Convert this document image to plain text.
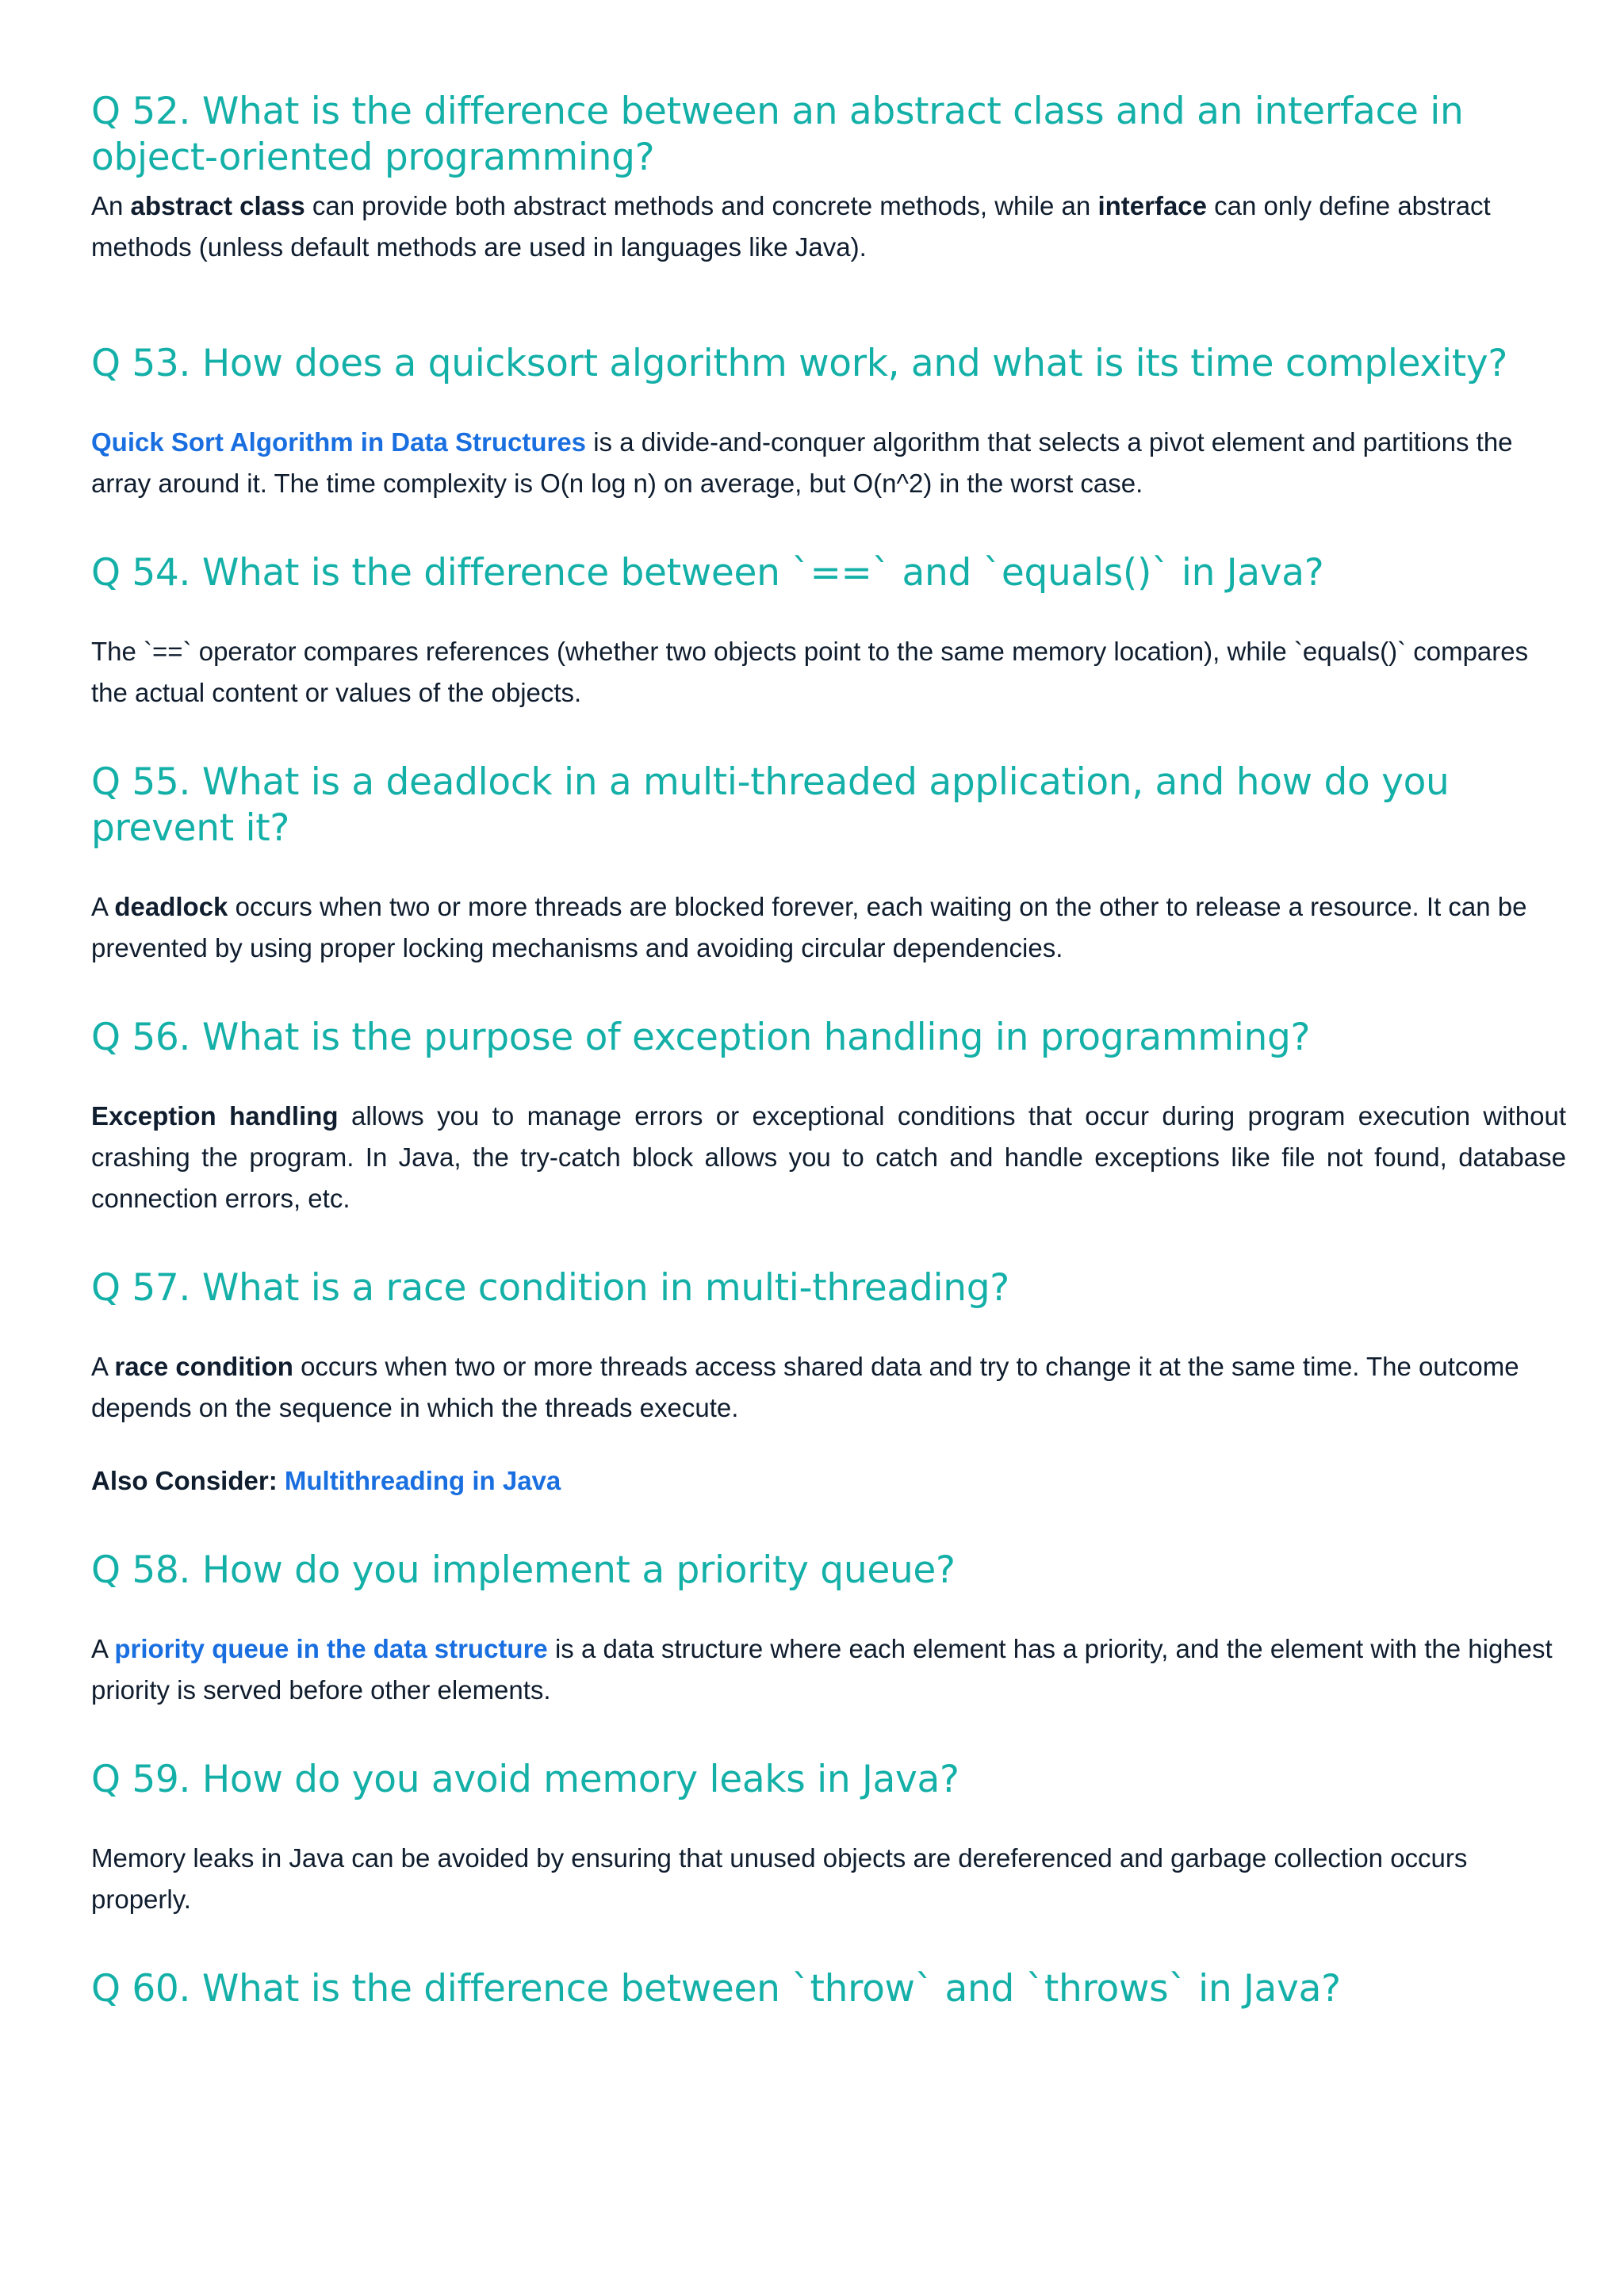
Q 52. What is the difference between an abstract class and an interface in object-oriented programming?

An abstract class can provide both abstract methods and concrete methods, while an interface can only define abstract methods (unless default methods are used in languages like Java).

Q 53. How does a quicksort algorithm work, and what is its time complexity?

Quick Sort Algorithm in Data Structures is a divide-and-conquer algorithm that selects a pivot element and partitions the array around it. The time complexity is O(n log n) on average, but O(n^2) in the worst case.

Q 54. What is the difference between `==` and `equals()` in Java?

The `==` operator compares references (whether two objects point to the same memory location), while `equals()` compares the actual content or values of the objects.

Q 55. What is a deadlock in a multi-threaded application, and how do you prevent it?

A deadlock occurs when two or more threads are blocked forever, each waiting on the other to release a resource. It can be prevented by using proper locking mechanisms and avoiding circular dependencies.

Q 56. What is the purpose of exception handling in programming?

Exception handling allows you to manage errors or exceptional conditions that occur during program execution without crashing the program. In Java, the try-catch block allows you to catch and handle exceptions like file not found, database connection errors, etc.

Q 57. What is a race condition in multi-threading?

A race condition occurs when two or more threads access shared data and try to change it at the same time. The outcome depends on the sequence in which the threads execute.

Also Consider: Multithreading in Java

Q 58. How do you implement a priority queue?

A priority queue in the data structure is a data structure where each element has a priority, and the element with the highest priority is served before other elements.

Q 59. How do you avoid memory leaks in Java?

Memory leaks in Java can be avoided by ensuring that unused objects are dereferenced and garbage collection occurs properly.

Q 60. What is the difference between `throw` and `throws` in Java?
